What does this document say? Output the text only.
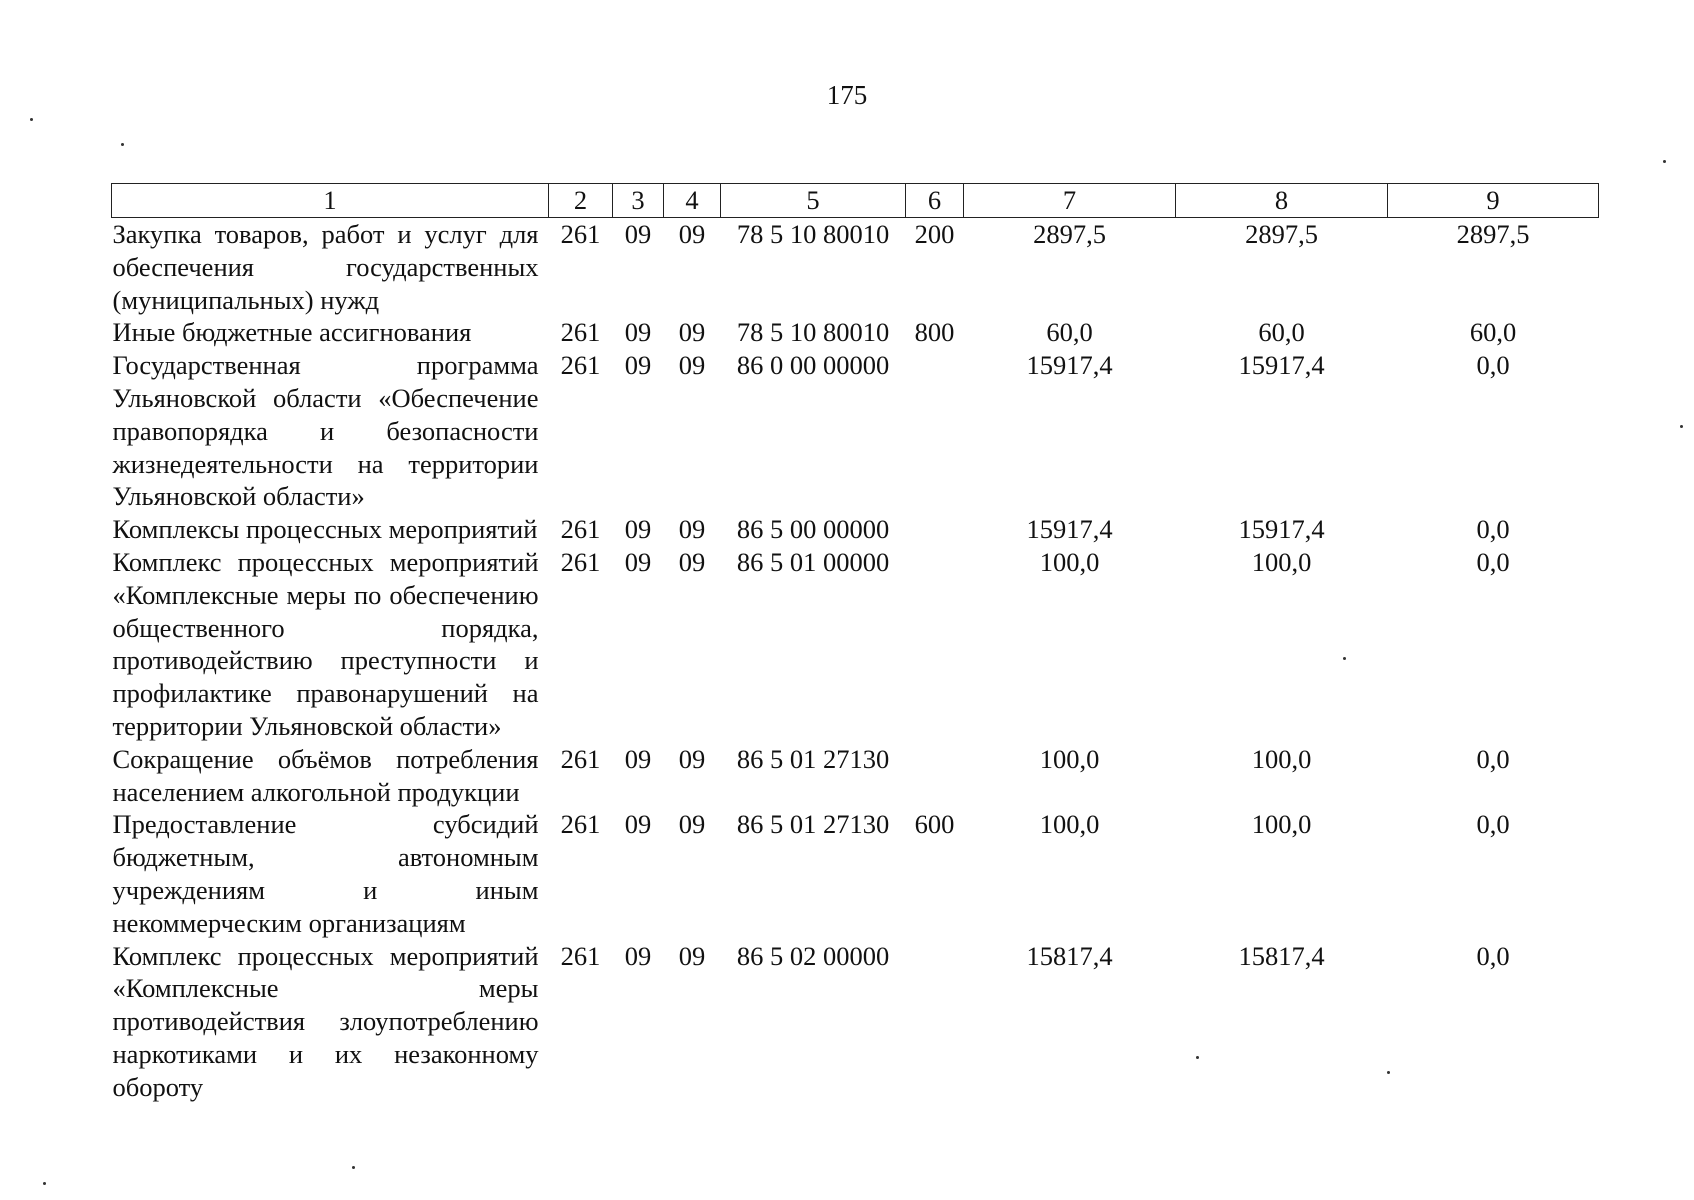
175
1	2	3	4	5	6	7	8	9
Закупка товаров, работ и услуг для обеспечения государственных (муниципальных) нужд	261	09	09	78 5 10 80010	200	2897,5	2897,5	2897,5
Иные бюджетные ассигнования	261	09	09	78 5 10 80010	800	60,0	60,0	60,0
Государственная программа Ульяновской области «Обеспечение правопорядка и безопасности жизнедеятельности на территории Ульяновской области»	261	09	09	86 0 00 00000		15917,4	15917,4	0,0
Комплексы процессных мероприятий	261	09	09	86 5 00 00000		15917,4	15917,4	0,0
Комплекс процессных мероприятий «Комплексные меры по обеспечению общественного порядка, противодействию преступности и профилактике правонарушений на территории Ульяновской области»	261	09	09	86 5 01 00000		100,0	100,0	0,0
Сокращение объёмов потребления населением алкогольной продукции	261	09	09	86 5 01 27130		100,0	100,0	0,0
Предоставление субсидий бюджетным, автономным учреждениям и иным некоммерческим организациям	261	09	09	86 5 01 27130	600	100,0	100,0	0,0
Комплекс процессных мероприятий «Комплексные меры противодействия злоупотреблению наркотиками и их незаконному обороту	261	09	09	86 5 02 00000		15817,4	15817,4	0,0
